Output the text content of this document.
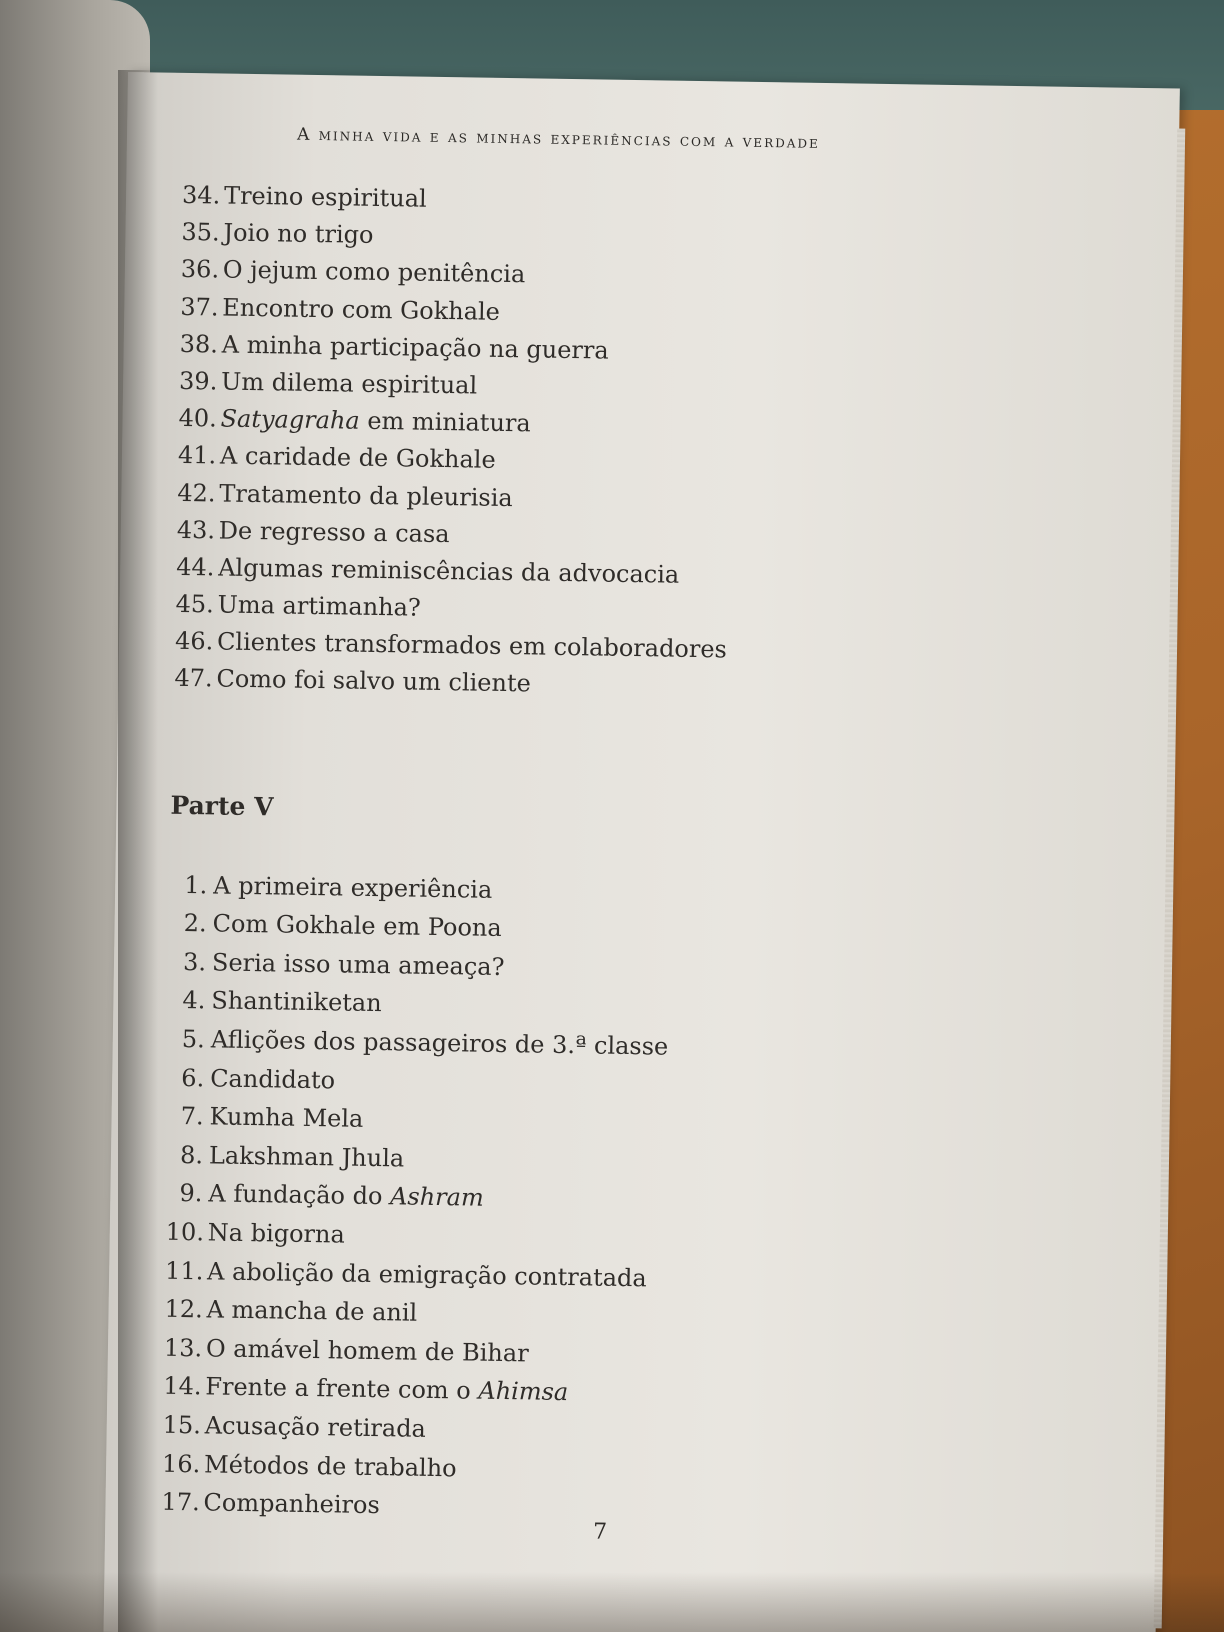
A minha vida e as minhas experiências com a verdade
34. Treino espiritual
35. Joio no trigo
36. O jejum como penitência
37. Encontro com Gokhale
38. A minha participação na guerra
39. Um dilema espiritual
40. Satyagraha em miniatura
41. A caridade de Gokhale
42. Tratamento da pleurisia
43. De regresso a casa
44. Algumas reminiscências da advocacia
45. Uma artimanha?
46. Clientes transformados em colaboradores
47. Como foi salvo um cliente
Parte V
1. A primeira experiência
2. Com Gokhale em Poona
3. Seria isso uma ameaça?
4. Shantiniketan
5. Aflições dos passageiros de 3.ª classe
6. Candidato
7. Kumha Mela
8. Lakshman Jhula
9. A fundação do Ashram
10. Na bigorna
11. A abolição da emigração contratada
12. A mancha de anil
13. O amável homem de Bihar
14. Frente a frente com o Ahimsa
15. Acusação retirada
16. Métodos de trabalho
17. Companheiros
7
